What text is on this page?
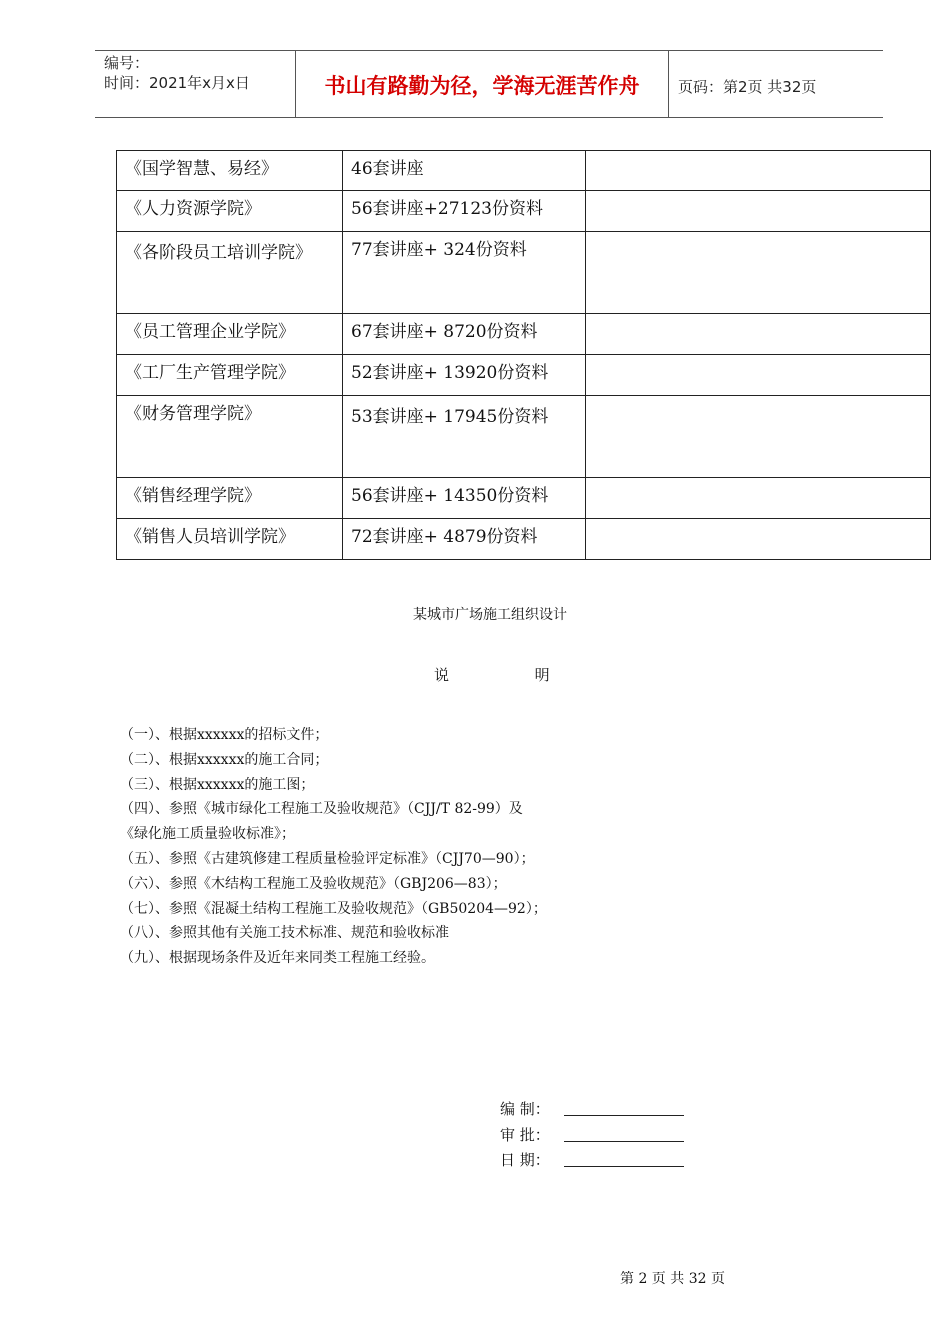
编号：
时间：2021年x月x日	书山有路勤为径，学海无涯苦作舟	页码：第2页 共32页
《国学智慧、易经》	46套讲座	
《人力资源学院》	56套讲座+27123份资料	
《各阶段员工培训学院》	77套讲座+ 324份资料	
《员工管理企业学院》	67套讲座+ 8720份资料	
《工厂生产管理学院》	52套讲座+ 13920份资料	
《财务管理学院》	53套讲座+ 17945份资料	
《销售经理学院》	56套讲座+ 14350份资料	
《销售人员培训学院》	72套讲座+ 4879份资料	
某城市广场施工组织设计
说	明
（一）、根据xxxxxx的招标文件；
（二）、根据xxxxxx的施工合同；
（三）、根据xxxxxx的施工图；
（四）、参照《城市绿化工程施工及验收规范》（CJJ/T 82-99）及
《绿化施工质量验收标准》；
（五）、参照《古建筑修建工程质量检验评定标准》（CJJ70—90）；
（六）、参照《木结构工程施工及验收规范》（GBJ206—83）；
（七）、参照《混凝土结构工程施工及验收规范》（GB50204—92）；
（八）、参照其他有关施工技术标准、规范和验收标准
（九）、根据现场条件及近年来同类工程施工经验。
编 制：
审 批：
日 期：
第 2 页 共 32 页
